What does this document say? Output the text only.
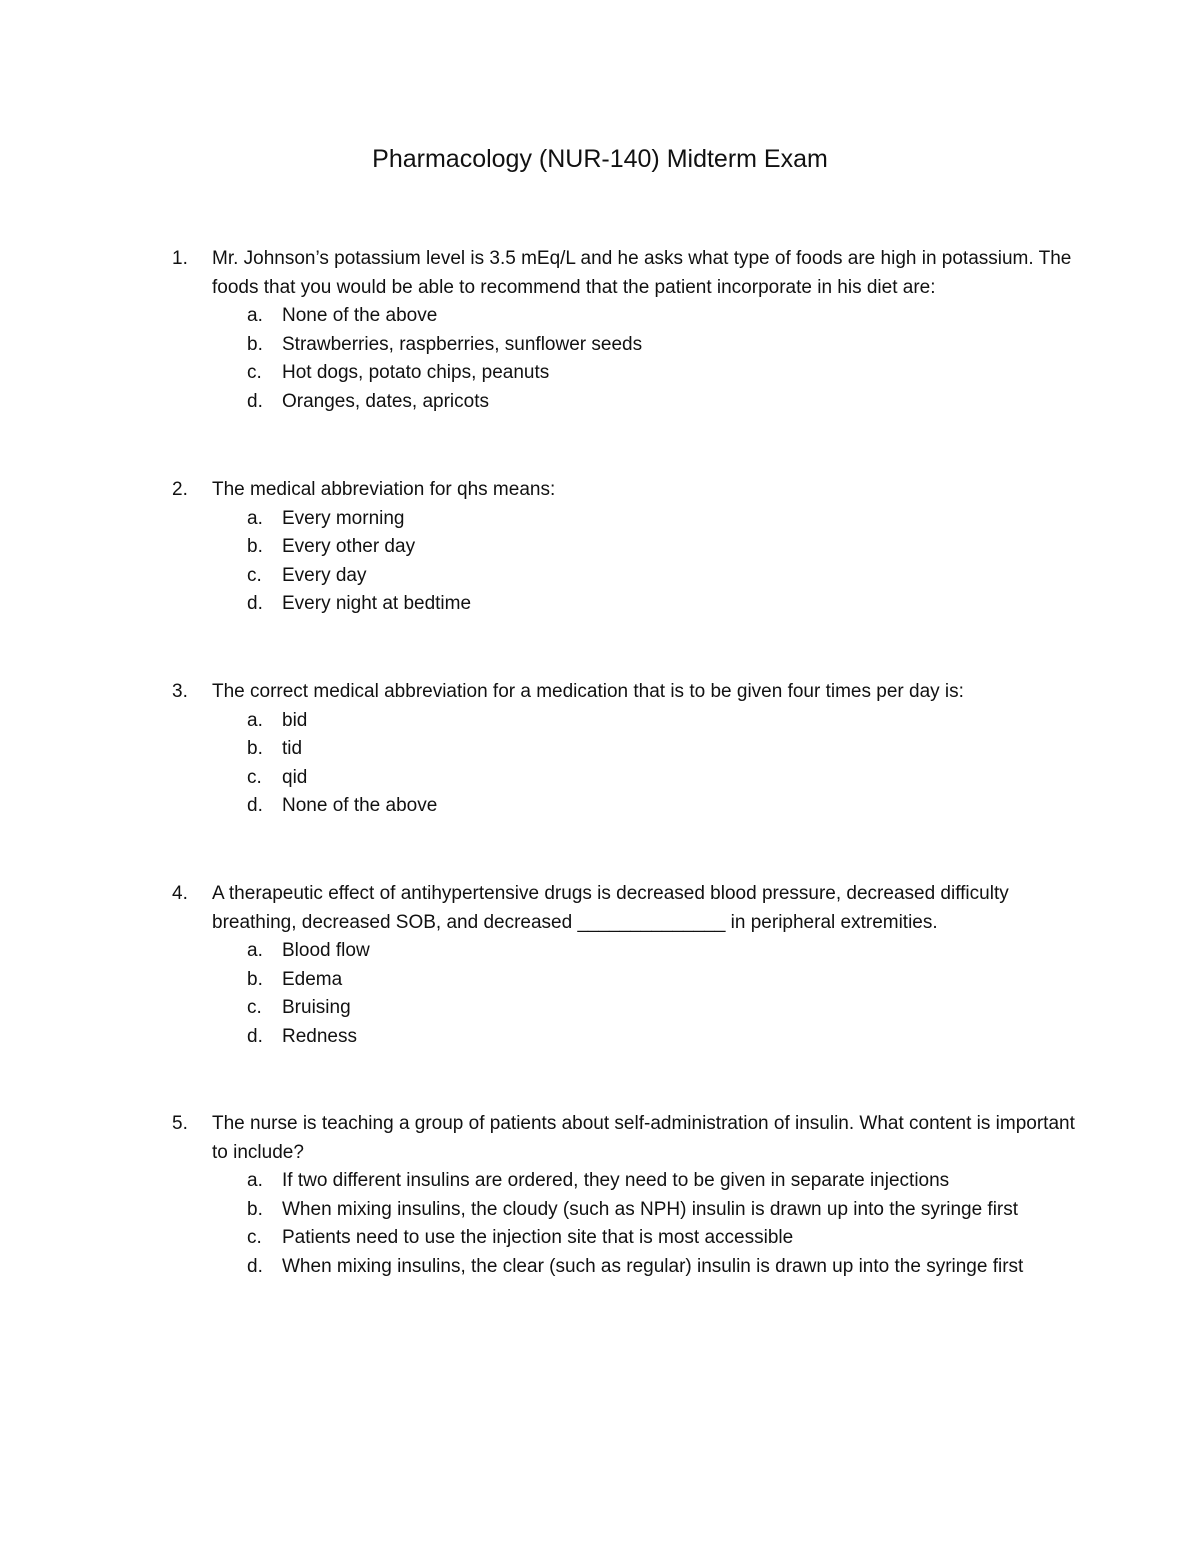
Pharmacology (NUR-140) Midterm Exam
1.	Mr. Johnson’s potassium level is 3.5 mEq/L and he asks what type of foods are high in potassium. The foods that you would be able to recommend that the patient incorporate in his diet are:
a.	None of the above
b.	Strawberries, raspberries, sunflower seeds
c.	Hot dogs, potato chips, peanuts
d.	Oranges, dates, apricots
2.	The medical abbreviation for qhs means:
a.	Every morning
b.	Every other day
c.	Every day
d.	Every night at bedtime
3.	The correct medical abbreviation for a medication that is to be given four times per day is:
a.	bid
b.	tid
c.	qid
d.	None of the above
4.	A therapeutic effect of antihypertensive drugs is decreased blood pressure, decreased difficulty breathing, decreased SOB, and decreased ______________ in peripheral extremities.
a.	Blood flow
b.	Edema
c.	Bruising
d.	Redness
5.	The nurse is teaching a group of patients about self-administration of insulin. What content is important to include?
a.	If two different insulins are ordered, they need to be given in separate injections
b.	When mixing insulins, the cloudy (such as NPH) insulin is drawn up into the syringe first
c.	Patients need to use the injection site that is most accessible
d.	When mixing insulins, the clear (such as regular) insulin is drawn up into the syringe first
